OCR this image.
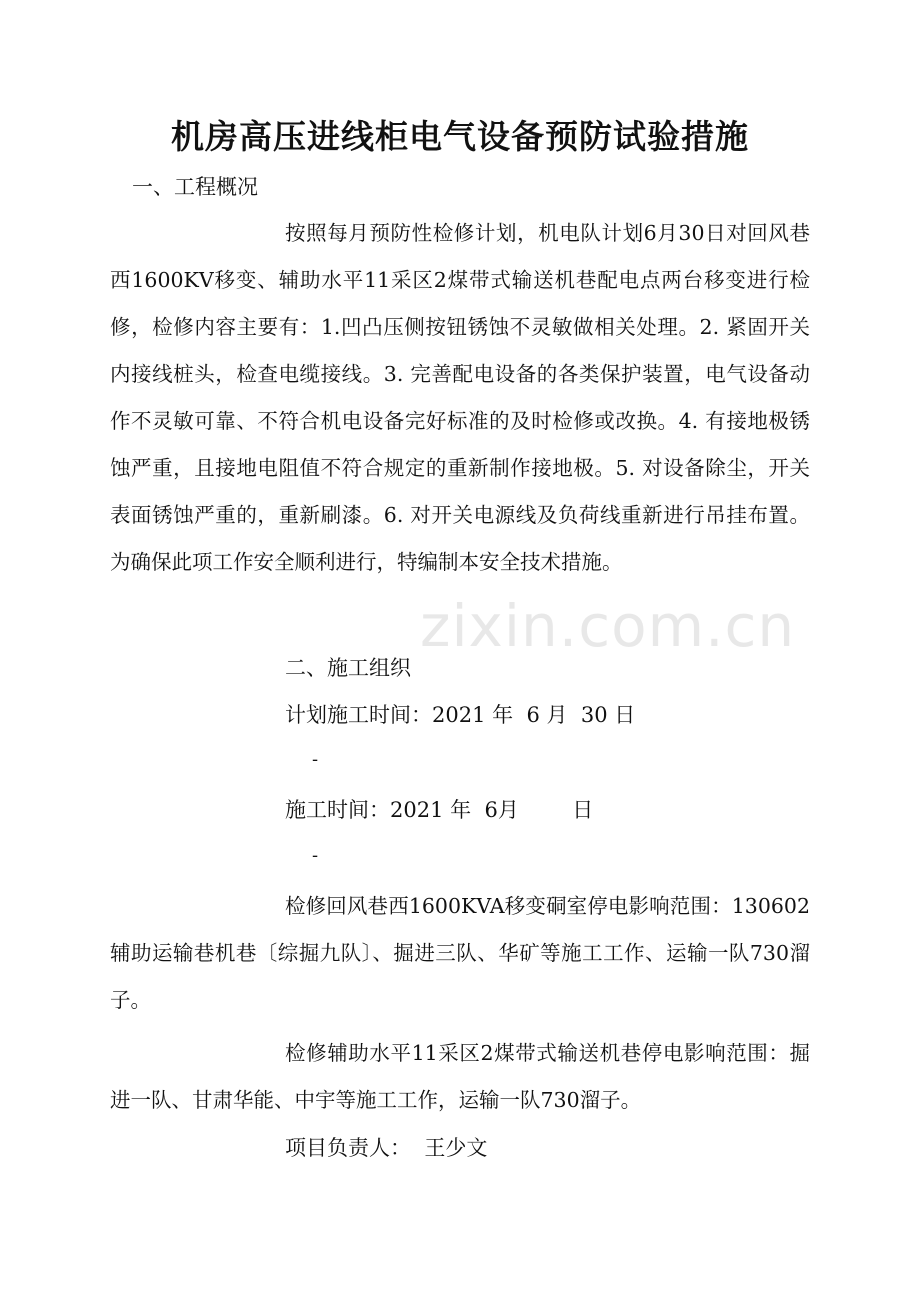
机房高压进线柜电气设备预防试验措施
一、工程概况
按照每月预防性检修计划，机电队计划6月30日对回风巷西1600KV移变、辅助水平11采区2煤带式输送机巷配电点两台移变进行检修，检修内容主要有：1.凹凸压侧按钮锈蚀不灵敏做相关处理。2. 紧固开关内接线桩头，检查电缆接线。3. 完善配电设备的各类保护装置，电气设备动作不灵敏可靠、不符合机电设备完好标准的及时检修或改换。4. 有接地极锈蚀严重，且接地电阻值不符合规定的重新制作接地极。5. 对设备除尘，开关表面锈蚀严重的，重新刷漆。6. 对开关电源线及负荷线重新进行吊挂布置。为确保此项工作安全顺利进行，特编制本安全技术措施。
二、施工组织
计划施工时间：2021 年  6 月  30 日
-
施工时间：2021 年  6月        日
-
检修回风巷西1600KVA移变硐室停电影响范围：130602辅助运输巷机巷〔综掘九队〕、掘进三队、华矿等施工工作、运输一队730溜子。
检修辅助水平11采区2煤带式输送机巷停电影响范围：掘进一队、甘肃华能、中宇等施工工作，运输一队730溜子。
项目负责人：  王少文
zixin.com.cn
